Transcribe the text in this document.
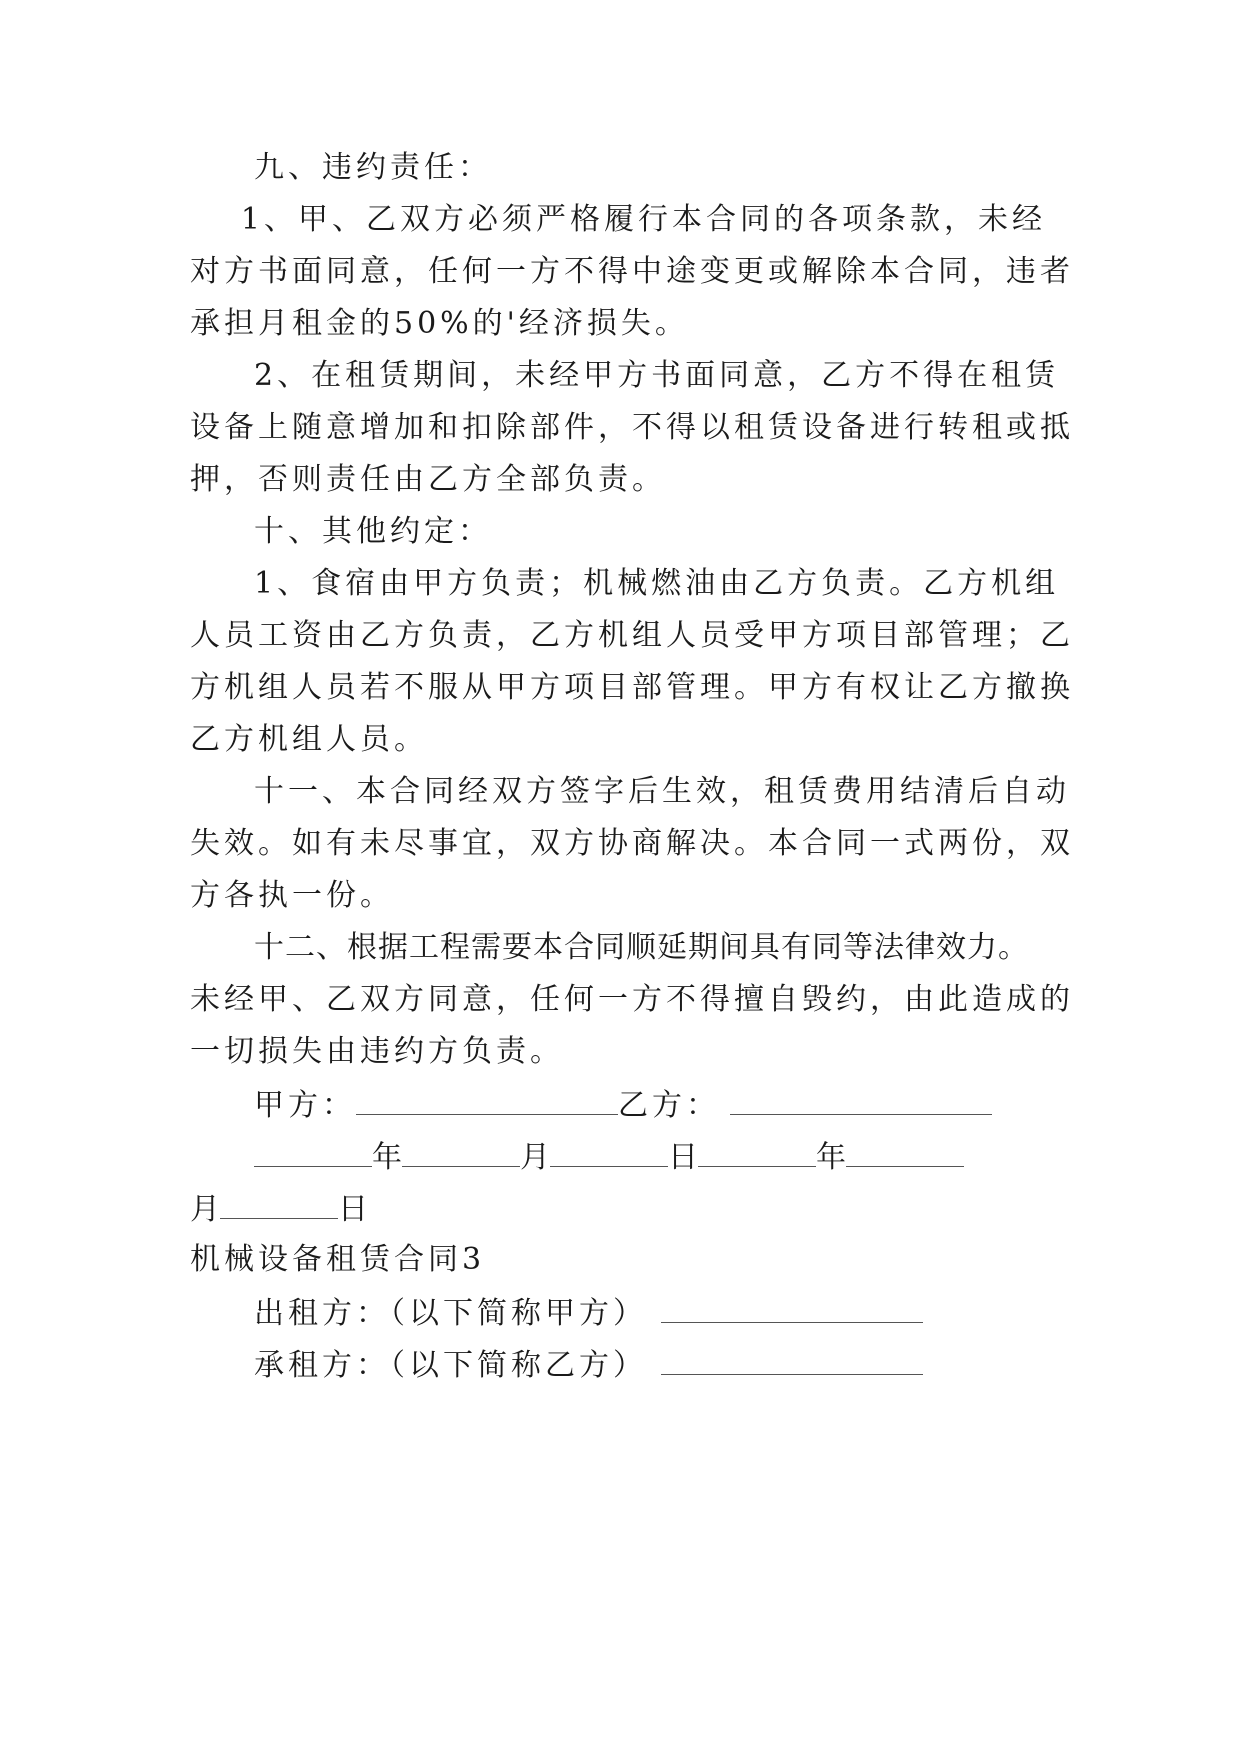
九、违约责任：
1、甲、乙双方必须严格履行本合同的各项条款，未经
对方书面同意，任何一方不得中途变更或解除本合同，违者
承担月租金的50%的'经济损失。
2、在租赁期间，未经甲方书面同意，乙方不得在租赁
设备上随意增加和扣除部件，不得以租赁设备进行转租或抵
押，否则责任由乙方全部负责。
十、其他约定：
1、食宿由甲方负责；机械燃油由乙方负责。乙方机组
人员工资由乙方负责，乙方机组人员受甲方项目部管理；乙
方机组人员若不服从甲方项目部管理。甲方有权让乙方撤换
乙方机组人员。
十一、本合同经双方签字后生效，租赁费用结清后自动
失效。如有未尽事宜，双方协商解决。本合同一式两份，双
方各执一份。
十二、根据工程需要本合同顺延期间具有同等法律效力。
未经甲、乙双方同意，任何一方不得擅自毁约，由此造成的
一切损失由违约方负责。
甲方：	乙方：
年	月	日	年
月	日
机械设备租赁合同3
出租方：（以下简称甲方）
承租方：（以下简称乙方）
